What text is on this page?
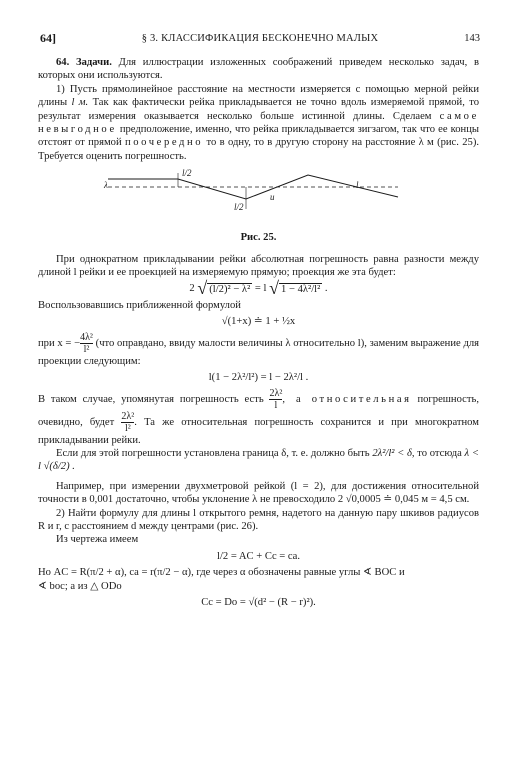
64]	§ 3. КЛАССИФИКАЦИЯ БЕСКОНЕЧНО МАЛЫХ	143

64. Задачи. Для иллюстрации изложенных соображений приведем несколько задач, в которых они используются.

1) Пусть прямолинейное расстояние на местности измеряется с помощью мерной рейки длины l м. Так как фактически рейка прикладывается не точно вдоль измеряемой прямой, то результат измерения оказывается несколько больше истинной длины. Сделаем самое невыгодное предположение, именно, что рейка прикладывается зигзагом, так что ее концы отстоят от прямой поочередно то в одну, то в другую сторону на расстояние λ м (рис. 25). Требуется оценить погрешность.

λ
l/2
l/2
u
l
Рис. 25.

При однократном прикладывании рейки абсолютная погрешность равна разности между длиной l рейки и ее проекцией на измеряемую прямую; проекция же эта будет:

2 √ (l/2)² − λ² = l √ 1 − 4λ²/l² .

Воспользовавшись приближенной формулой

√(1+x) ≐ 1 + ½x

при x = − $\frac{\text{4λ²}}{\text{l²}} (что$ оправдано, ввиду малости величины λ относительно l), заменим выражение для проекции следующим:

l(1 − 2λ²/l²) = l − 2λ²/l .

В таком случае, упомянутая погрешность есть $\frac{\text{2λ²}}{l}$ , а относительная погрешность, очевидно, будет $\frac{\text{2λ²}}{\text{l²}}$ . Та же относительная погрешность сохранится и при многократном прикладывании рейки.

Если для этой погрешности установлена граница δ, т. е. должно быть 2λ²/l² < δ, то отсюда λ < l √(δ/2) .

Например, при измерении двухметровой рейкой (l = 2), для достижения относительной точности в 0,001 достаточно, чтобы уклонение λ не превосходило 2 √0,0005 ≐ 0,045 м = 4,5 см.

2) Найти формулу для длины l открытого ремня, надетого на данную пару шкивов радиусов R и r, с расстоянием d между центрами (рис. 26).

Из чертежа имеем

l/2 = AC + Cc = ca.

Но AC = R(π/2 + α), ca = r(π/2 − α), где через α обозначены равные углы ∢ BOC и

∢ boc; а из △ ODo

Cc = Do = √(d² − (R − r)²).
